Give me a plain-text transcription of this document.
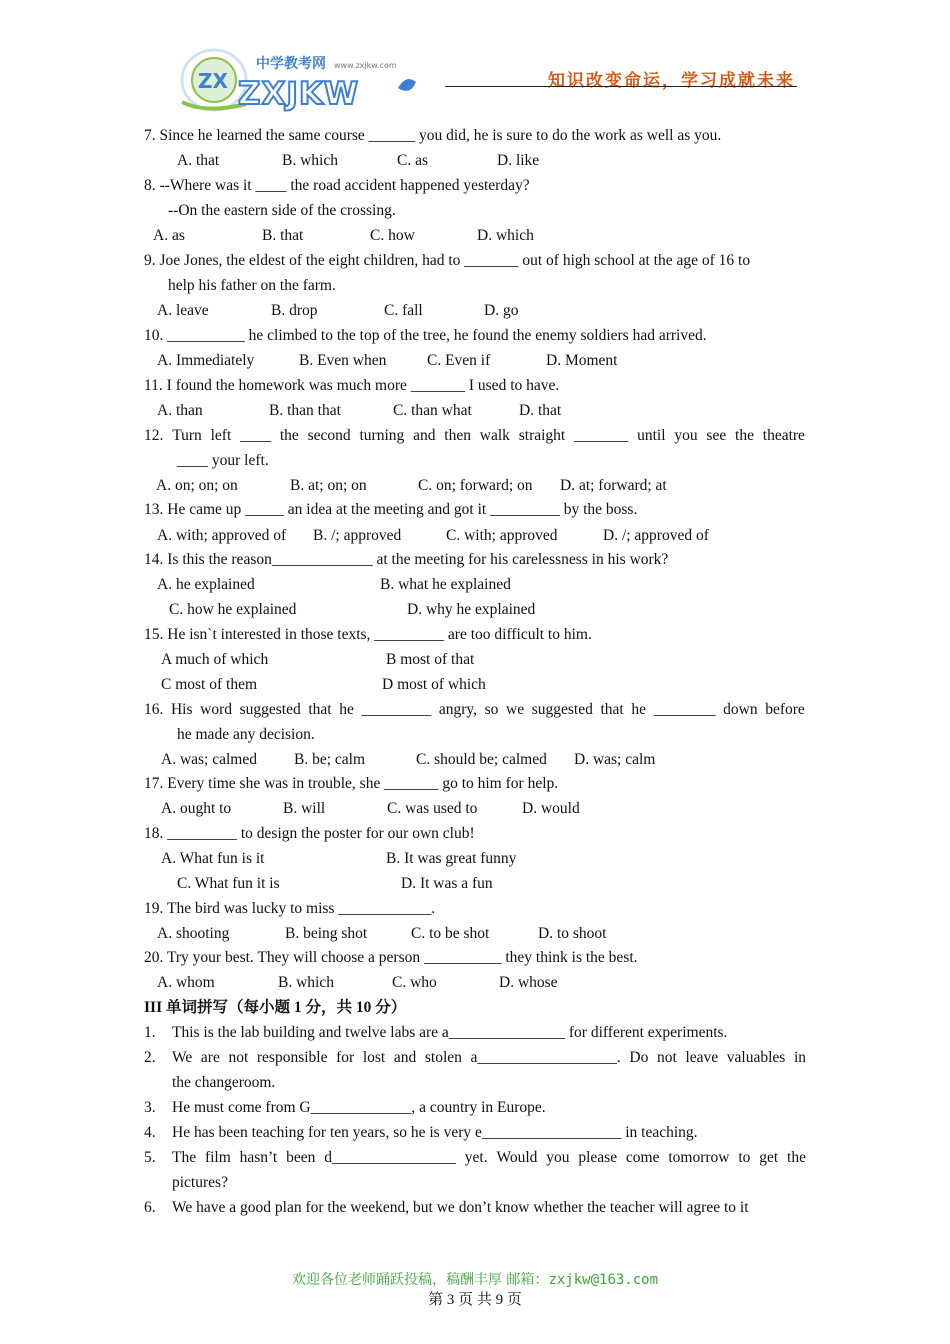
ZX
中学教考网 www.zxjkw.com
ZXJKW	知识改变命运，学习成就未来
7. Since he learned the same course ______ you did, he is sure to do the work as well as you.
A. that	B. which	C. as	D. like
8. --Where was it ____ the road accident happened yesterday?
--On the eastern side of the crossing.
A. as	B. that	C. how	D. which
9. Joe Jones, the eldest of the eight children, had to _______ out of high school at the age of 16 to
help his father on the farm.
A. leave	B. drop	C. fall	D. go
10. __________ he climbed to the top of the tree, he found the enemy soldiers had arrived.
A. Immediately	B. Even when	C. Even if	D. Moment
11. I found the homework was much more _______ I used to have.
A. than	B. than that	C. than what	D. that
12. Turn left ____ the second turning and then walk straight _______ until you see the theatre
____ your left.
A. on; on; on	B. at; on; on	C. on; forward; on D. at; forward; at
13. He came up _____ an idea at the meeting and got it _________ by the boss.
A. with; approved of B. /; approved	C. with; approved	D. /; approved of
14. Is this the reason_____________ at the meeting for his carelessness in his work?
A. he explained	B. what he explained
C. how he explained	D. why he explained
15. He isn`t interested in those texts, _________ are too difficult to him.
A much of which	B most of that
C most of them	D most of which
16. His word suggested that he _________ angry, so we suggested that he ________ down before
he made any decision.
A. was; calmed B. be; calm	C. should be; calmed D. was; calm
17. Every time she was in trouble, she _______ go to him for help.
A. ought to	B. will	C. was used to	D. would
18. _________ to design the poster for our own club!
A. What fun is it	B. It was great funny
C. What fun it is	D. It was a fun
19. The bird was lucky to miss ____________.
A. shooting	B. being shot	C. to be shot	D. to shoot
20. Try your best. They will choose a person __________ they think is the best.
A. whom	B. which	C. who	D. whose
III 单词拼写（每小题 1 分，共 10 分）
1. This is the lab building and twelve labs are a_______________ for different experiments.
2. We are not responsible for lost and stolen a__________________. Do not leave valuables in
the changeroom.
3. He must come from G_____________, a country in Europe.
4. He has been teaching for ten years, so he is very e__________________ in teaching.
5. The film hasn’t been d________________ yet. Would you please come tomorrow to get the
pictures?
6. We have a good plan for the weekend, but we don’t know whether the teacher will agree to it
欢迎各位老师踊跃投稿，稿酬丰厚 邮箱：zxjkw@163.com
第 3 页 共 9 页
